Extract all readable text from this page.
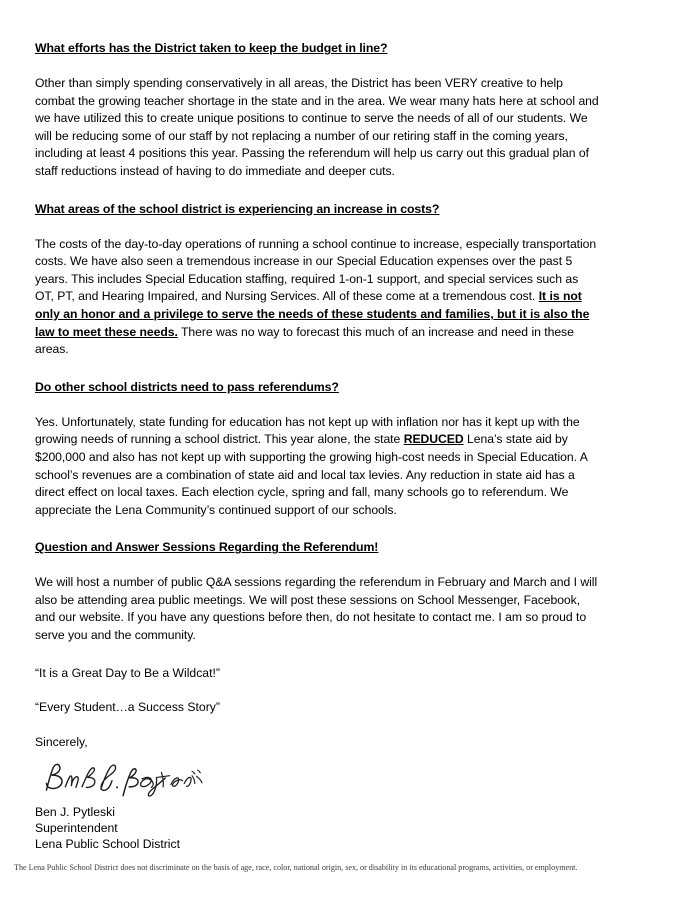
What efforts has the District taken to keep the budget in line?

Other than simply spending conservatively in all areas, the District has been VERY creative to help combat the growing teacher shortage in the state and in the area. We wear many hats here at school and we have utilized this to create unique positions to continue to serve the needs of all of our students. We will be reducing some of our staff by not replacing a number of our retiring staff in the coming years, including at least 4 positions this year. Passing the referendum will help us carry out this gradual plan of staff reductions instead of having to do immediate and deeper cuts.

What areas of the school district is experiencing an increase in costs?

The costs of the day-to-day operations of running a school continue to increase, especially transportation costs. We have also seen a tremendous increase in our Special Education expenses over the past 5 years. This includes Special Education staffing, required 1-on-1 support, and special services such as OT, PT, and Hearing Impaired, and Nursing Services. All of these come at a tremendous cost. It is not only an honor and a privilege to serve the needs of these students and families, but it is also the law to meet these needs. There was no way to forecast this much of an increase and need in these areas.

Do other school districts need to pass referendums?

Yes. Unfortunately, state funding for education has not kept up with inflation nor has it kept up with the growing needs of running a school district. This year alone, the state REDUCED Lena’s state aid by $200,000 and also has not kept up with supporting the growing high-cost needs in Special Education. A school’s revenues are a combination of state aid and local tax levies. Any reduction in state aid has a direct effect on local taxes. Each election cycle, spring and fall, many schools go to referendum. We appreciate the Lena Community’s continued support of our schools.

Question and Answer Sessions Regarding the Referendum!

We will host a number of public Q&A sessions regarding the referendum in February and March and I will also be attending area public meetings. We will post these sessions on School Messenger, Facebook, and our website. If you have any questions before then, do not hesitate to contact me. I am so proud to serve you and the community.

“It is a Great Day to Be a Wildcat!”

“Every Student…a Success Story”

Sincerely,

Ben J. Pytleski

Superintendent

Lena Public School District

The Lena Public School District does not discriminate on the basis of age, race, color, national origin, sex, or disability in its educational programs, activities, or employment.
